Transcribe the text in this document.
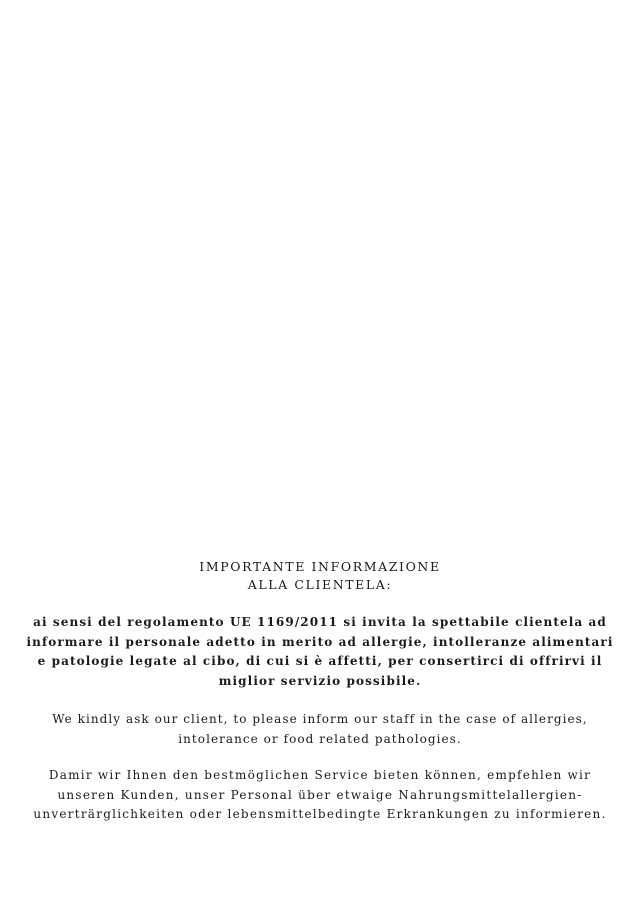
IMPORTANTE INFORMAZIONE
ALLA CLIENTELA:

ai sensi del regolamento UE 1169/2011 si invita la spettabile clientela ad
informare il personale adetto in merito ad allergie, intolleranze alimentari
e patologie legate al cibo, di cui si è affetti, per consertirci di offrirvi il
miglior servizio possibile.

We kindly ask our client, to please inform our staff in the case of allergies,
intolerance or food related pathologies.

Damir wir Ihnen den bestmöglichen Service bieten können, empfehlen wir
unseren Kunden, unser Personal über etwaige Nahrungsmittelallergien-
unverträrglichkeiten oder lebensmittelbedingte Erkrankungen zu informieren.
